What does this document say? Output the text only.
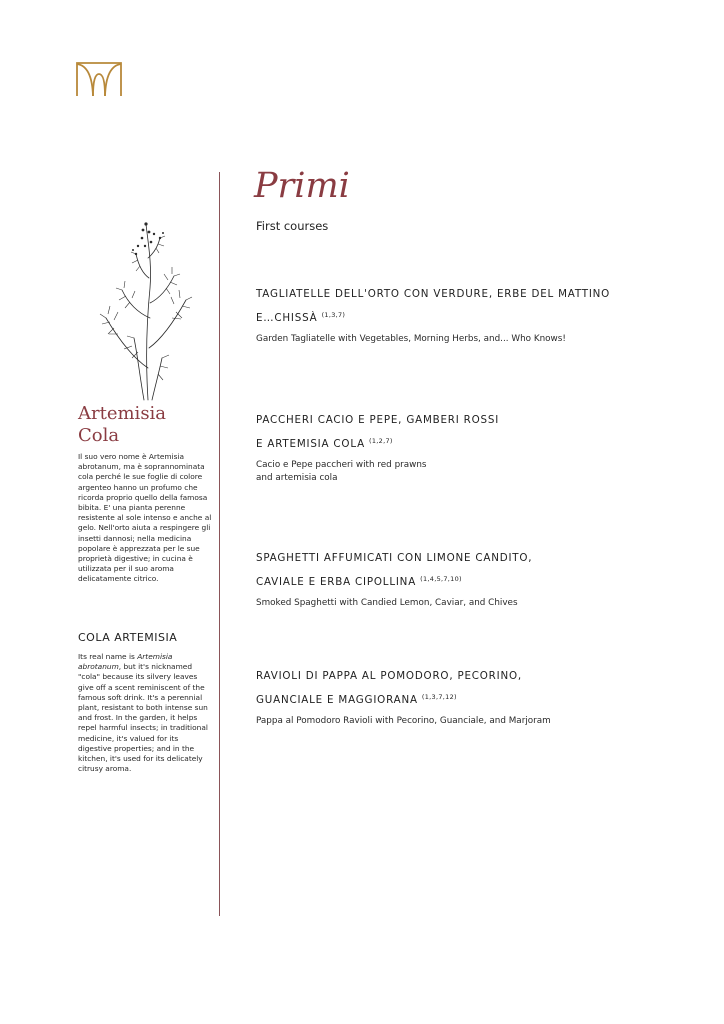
Artemisia
Cola
Il suo vero nome è Artemisia abrotanum, ma è soprannominata cola perché le sue foglie di colore argenteo hanno un profumo che ricorda proprio quello della famosa bibita. E' una pianta perenne resistente al sole intenso e anche al gelo. Nell'orto aiuta a respingere gli insetti dannosi; nella medicina popolare è apprezzata per le sue proprietà digestive; in cucina è utilizzata per il suo aroma delicatamente citrico.
COLA ARTEMISIA
Its real name is Artemisia abrotanum, but it's nicknamed "cola" because its silvery leaves give off a scent reminiscent of the famous soft drink. It's a perennial plant, resistant to both intense sun and frost. In the garden, it helps repel harmful insects; in traditional medicine, it's valued for its digestive properties; and in the kitchen, it's used for its delicately citrusy aroma.
Primi
First courses
TAGLIATELLE DELL'ORTO CON VERDURE, ERBE DEL MATTINO
E…CHISSÀ $^{(1,3,7)}$
Garden Tagliatelle with Vegetables, Morning Herbs, and... Who Knows!
PACCHERI CACIO E PEPE, GAMBERI ROSSI
E ARTEMISIA COLA $^{(1,2,7)}$
Cacio e Pepe paccheri with red prawns
and artemisia cola
SPAGHETTI AFFUMICATI CON LIMONE CANDITO,
CAVIALE E ERBA CIPOLLINA $^{(1,4,5,7,10)}$
Smoked Spaghetti with Candied Lemon, Caviar, and Chives
RAVIOLI DI PAPPA AL POMODORO, PECORINO,
GUANCIALE E MAGGIORANA $^{(1,3,7,12)}$
Pappa al Pomodoro Ravioli with Pecorino, Guanciale, and Marjoram
